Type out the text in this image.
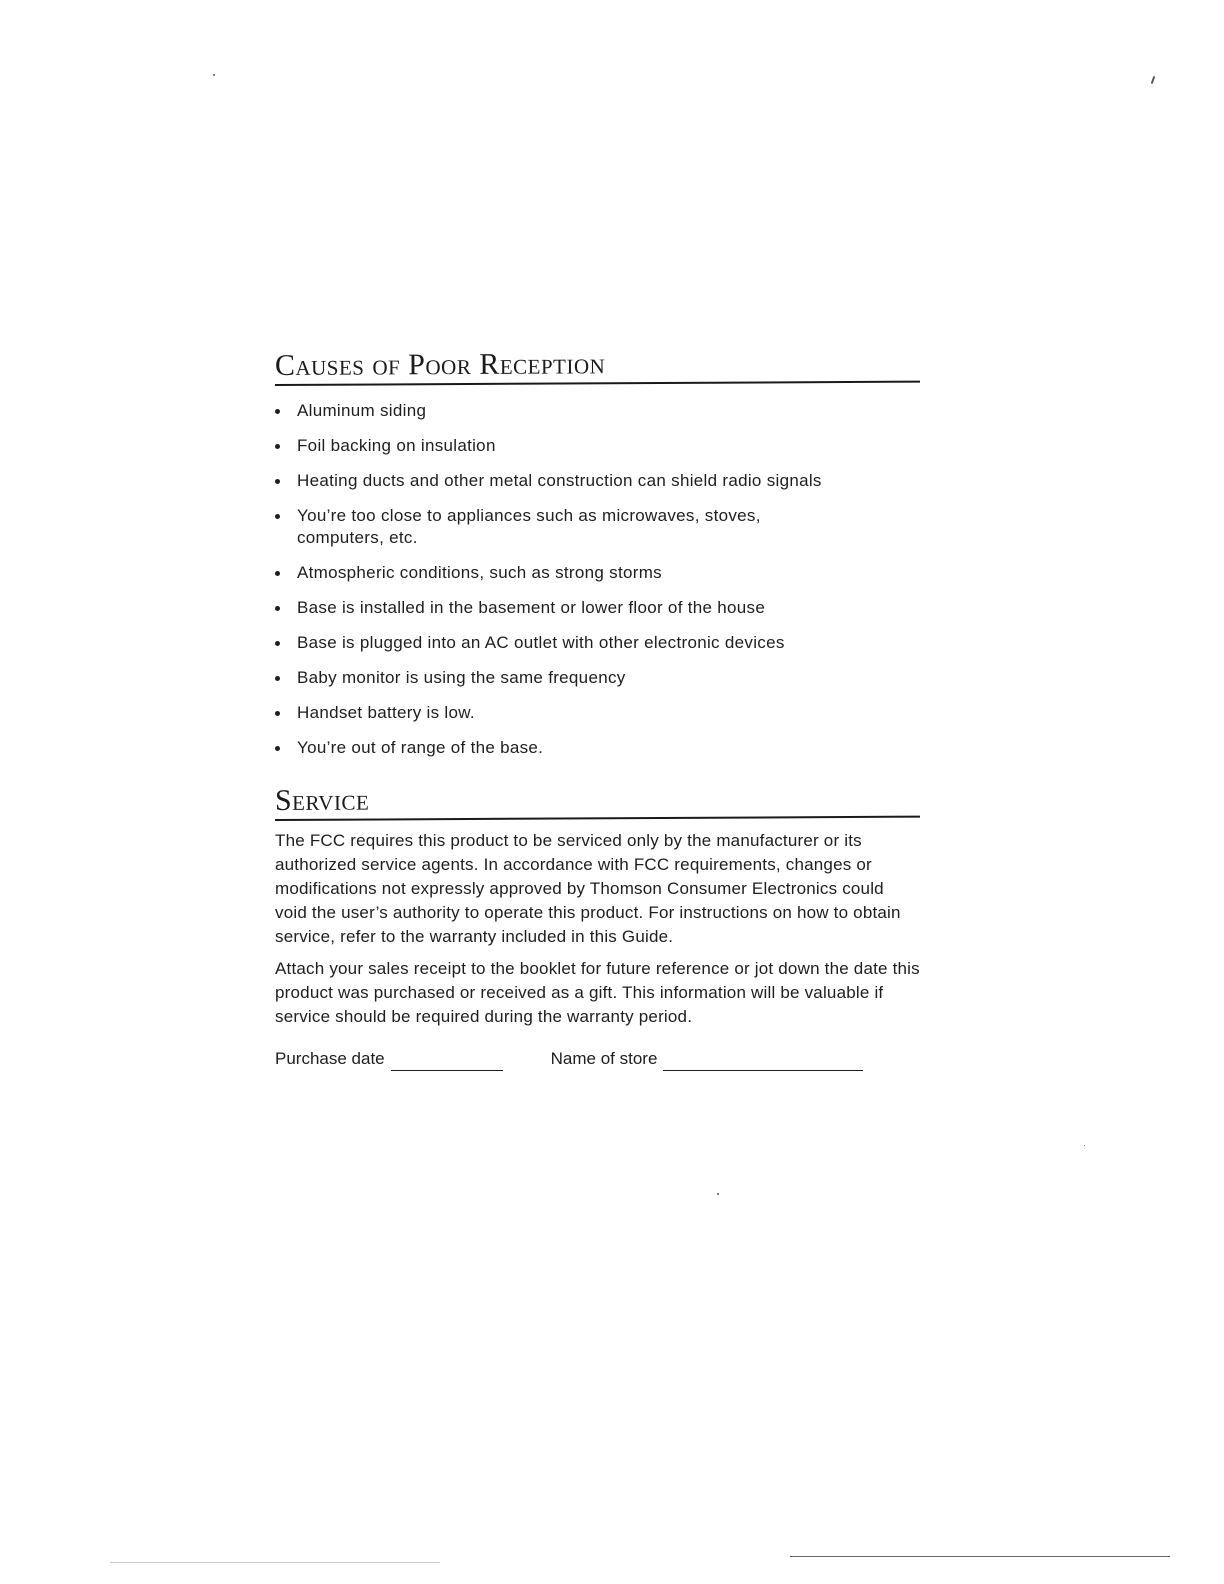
Causes of Poor Reception
Aluminum siding
Foil backing on insulation
Heating ducts and other metal construction can shield radio signals
You’re too close to appliances such as microwaves, stoves, computers, etc.
Atmospheric conditions, such as strong storms
Base is installed in the basement or lower floor of the house
Base is plugged into an AC outlet with other electronic devices
Baby monitor is using the same frequency
Handset battery is low.
You’re out of range of the base.
Service

The FCC requires this product to be serviced only by the manufacturer or its authorized service agents. In accordance with FCC requirements, changes or modifications not expressly approved by Thomson Consumer Electronics could void the user’s authority to operate this product. For instructions on how to obtain service, refer to the warranty included in this Guide.

Attach your sales receipt to the booklet for future reference or jot down the date this product was purchased or received as a gift. This information will be valuable if service should be required during the warranty period.

Purchase date	Name of store
